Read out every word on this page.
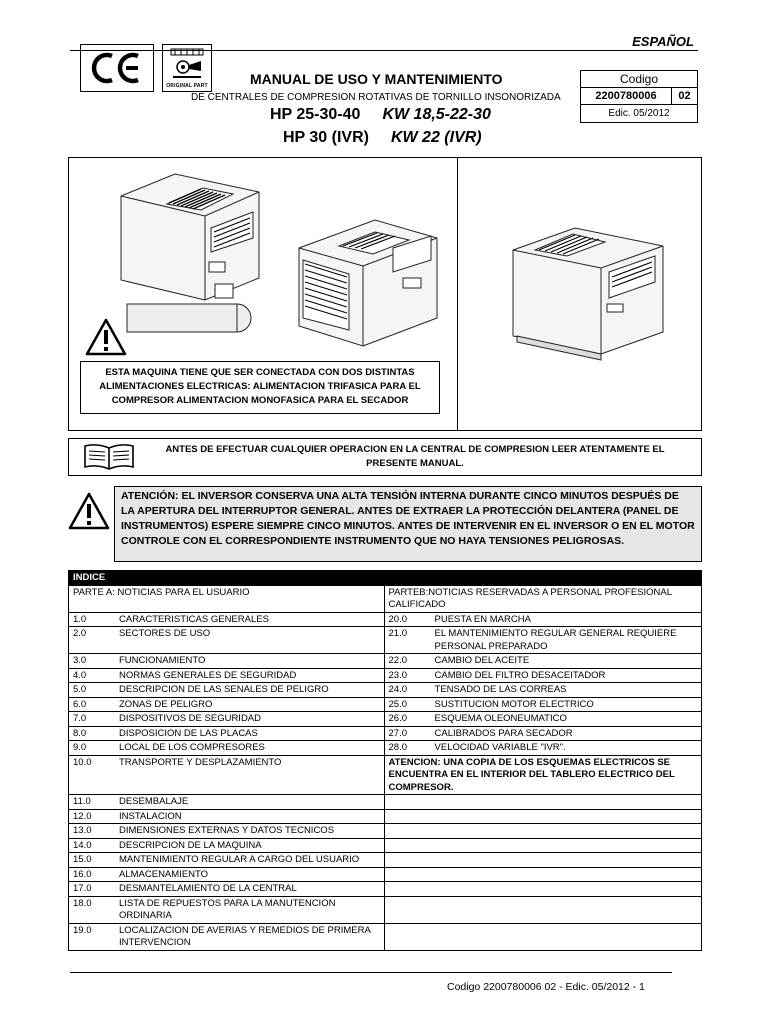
ESPAÑOL
ORIGINAL PART	MANUAL DE USO Y MANTENIMIENTO
DE CENTRALES DE COMPRESION ROTATIVAS DE TORNILLO INSONORIZADA
HP 25-30-40 KW 18,5-22-30
HP 30 (IVR) KW 22 (IVR)
Codigo
2200780006	02
Edic. 05/2012
ESTA MAQUINA TIENE QUE SER CONECTADA CON DOS DISTINTAS ALIMENTACIONES ELECTRICAS: ALIMENTACION TRIFASICA PARA EL COMPRESOR ALIMENTACION MONOFASICA PARA EL SECADOR
ANTES DE EFECTUAR CUALQUIER OPERACION EN LA CENTRAL DE COMPRESION LEER ATENTAMENTE EL PRESENTE MANUAL.
ATENCIÓN: EL INVERSOR CONSERVA UNA ALTA TENSIÓN INTERNA DURANTE CINCO MINUTOS DESPUÉS DE LA APERTURA DEL INTERRUPTOR GENERAL. ANTES DE EXTRAER LA PROTECCIÓN DELANTERA (PANEL DE INSTRUMENTOS) ESPERE SIEMPRE CINCO MINUTOS. ANTES DE INTERVENIR EN EL INVERSOR O EN EL MOTOR CONTROLE CON EL CORRESPONDIENTE INSTRUMENTO QUE NO HAYA TENSIONES PELIGROSAS.
INDICE	
PARTE A: NOTICIAS PARA EL USUARIO	PARTEB:NOTICIAS RESERVADAS A PERSONAL PROFESIONAL CALIFICADO

1.0 CARACTERISTICAS GENERALES	20.0 PUESTA EN MARCHA

2.0 SECTORES DE USO	21.0 EL MANTENIMIENTO REGULAR GENERAL REQUIERE PERSONAL PREPARADO

3.0 FUNCIONAMIENTO	22.0 CAMBIO DEL ACEITE

4.0 NORMAS GENERALES DE SEGURIDAD	23.0 CAMBIO DEL FILTRO DESACEITADOR

5.0 DESCRIPCION DE LAS SENALES DE PELIGRO	24.0 TENSADO DE LAS CORREAS

6.0 ZONAS DE PELIGRO	25.0 SUSTITUCION MOTOR ELECTRICO

7.0 DISPOSITIVOS DE SEGURIDAD	26.0 ESQUEMA OLEONEUMATICO

8.0 DISPOSICION DE LAS PLACAS	27.0 CALIBRADOS PARA SECADOR

9.0 LOCAL DE LOS COMPRESORES	28.0 VELOCIDAD VARIABLE "IVR".

10.0 TRANSPORTE Y DESPLAZAMIENTO	ATENCION: UNA COPIA DE LOS ESQUEMAS ELECTRICOS SE ENCUENTRA EN EL INTERIOR DEL TABLERO ELECTRICO DEL COMPRESOR.

11.0 DESEMBALAJE	

12.0 INSTALACION	

13.0 DIMENSIONES EXTERNAS Y DATOS TECNICOS	

14.0 DESCRIPCION DE LA MAQUINA	

15.0 MANTENIMIENTO REGULAR A CARGO DEL USUARIO	

16.0 ALMACENAMIENTO	

17.0 DESMANTELAMIENTO DE LA CENTRAL	

18.0 LISTA DE REPUESTOS PARA LA MANUTENCION ORDINARIA	

19.0 LOCALIZACION DE AVERIAS Y REMEDIOS DE PRIMERA INTERVENCION	

Codigo 2200780006 02 - Edic. 05/2012 - 1
